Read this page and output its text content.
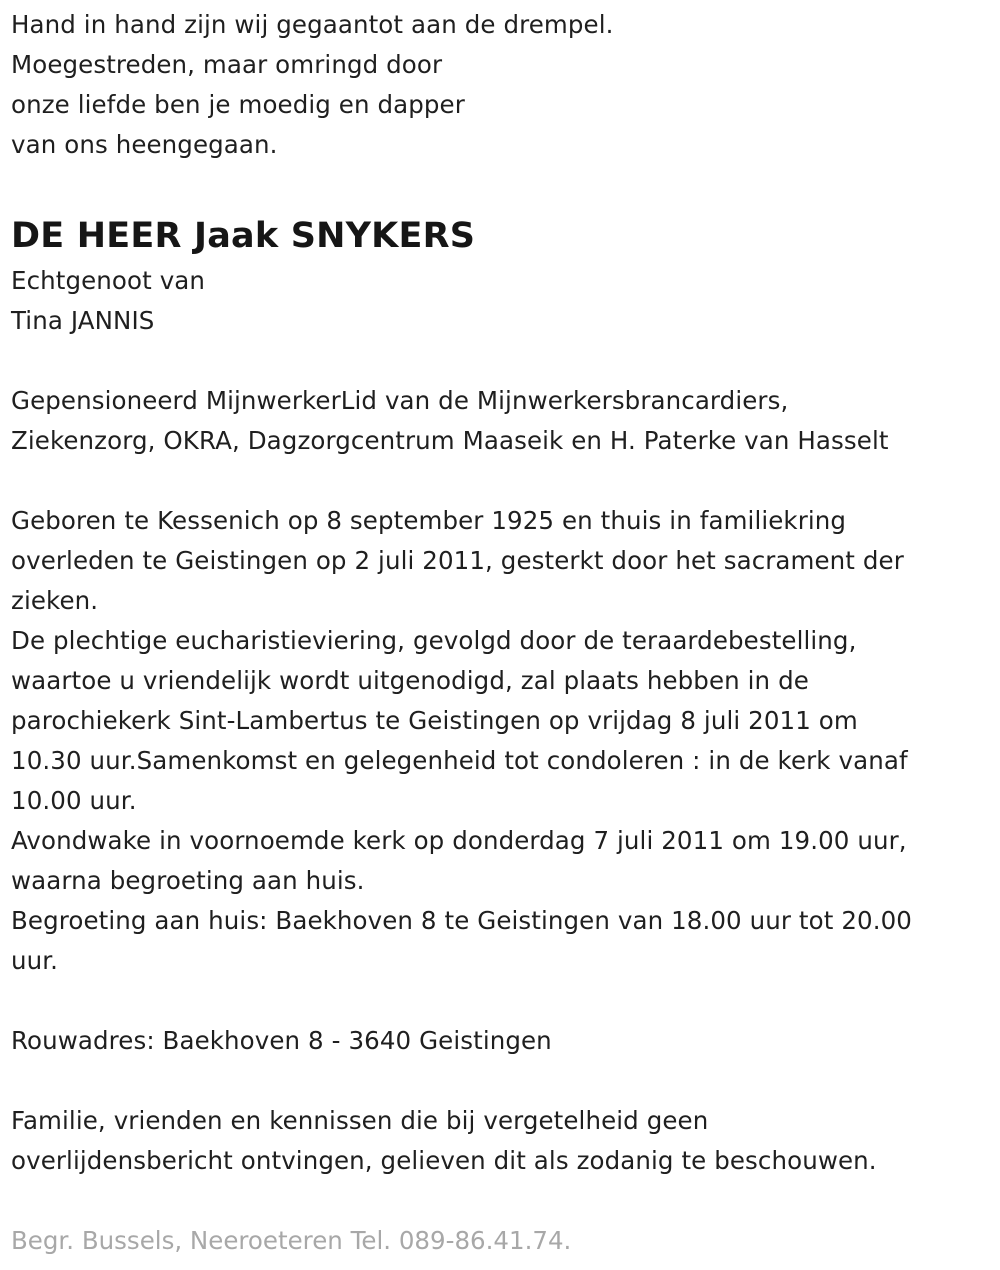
Hand in hand zijn wij gegaantot aan de drempel.
Moegestreden, maar omringd door
onze liefde ben je moedig en dapper
van ons heengegaan.
DE HEER Jaak SNYKERS
Echtgenoot van
Tina JANNIS
Gepensioneerd MijnwerkerLid van de Mijnwerkersbrancardiers,
Ziekenzorg, OKRA, Dagzorgcentrum Maaseik en H. Paterke van Hasselt
Geboren te Kessenich op 8 september 1925 en thuis in familiekring
overleden te Geistingen op 2 juli 2011, gesterkt door het sacrament der
zieken.
De plechtige eucharistieviering, gevolgd door de teraardebestelling,
waartoe u vriendelijk wordt uitgenodigd, zal plaats hebben in de
parochiekerk Sint-Lambertus te Geistingen op vrijdag 8 juli 2011 om
10.30 uur.Samenkomst en gelegenheid tot condoleren : in de kerk vanaf
10.00 uur.
Avondwake in voornoemde kerk op donderdag 7 juli 2011 om 19.00 uur,
waarna begroeting aan huis.
Begroeting aan huis: Baekhoven 8 te Geistingen van 18.00 uur tot 20.00
uur.
Rouwadres: Baekhoven 8 - 3640 Geistingen
Familie, vrienden en kennissen die bij vergetelheid geen
overlijdensbericht ontvingen, gelieven dit als zodanig te beschouwen.
Begr. Bussels, Neeroeteren Tel. 089-86.41.74.
